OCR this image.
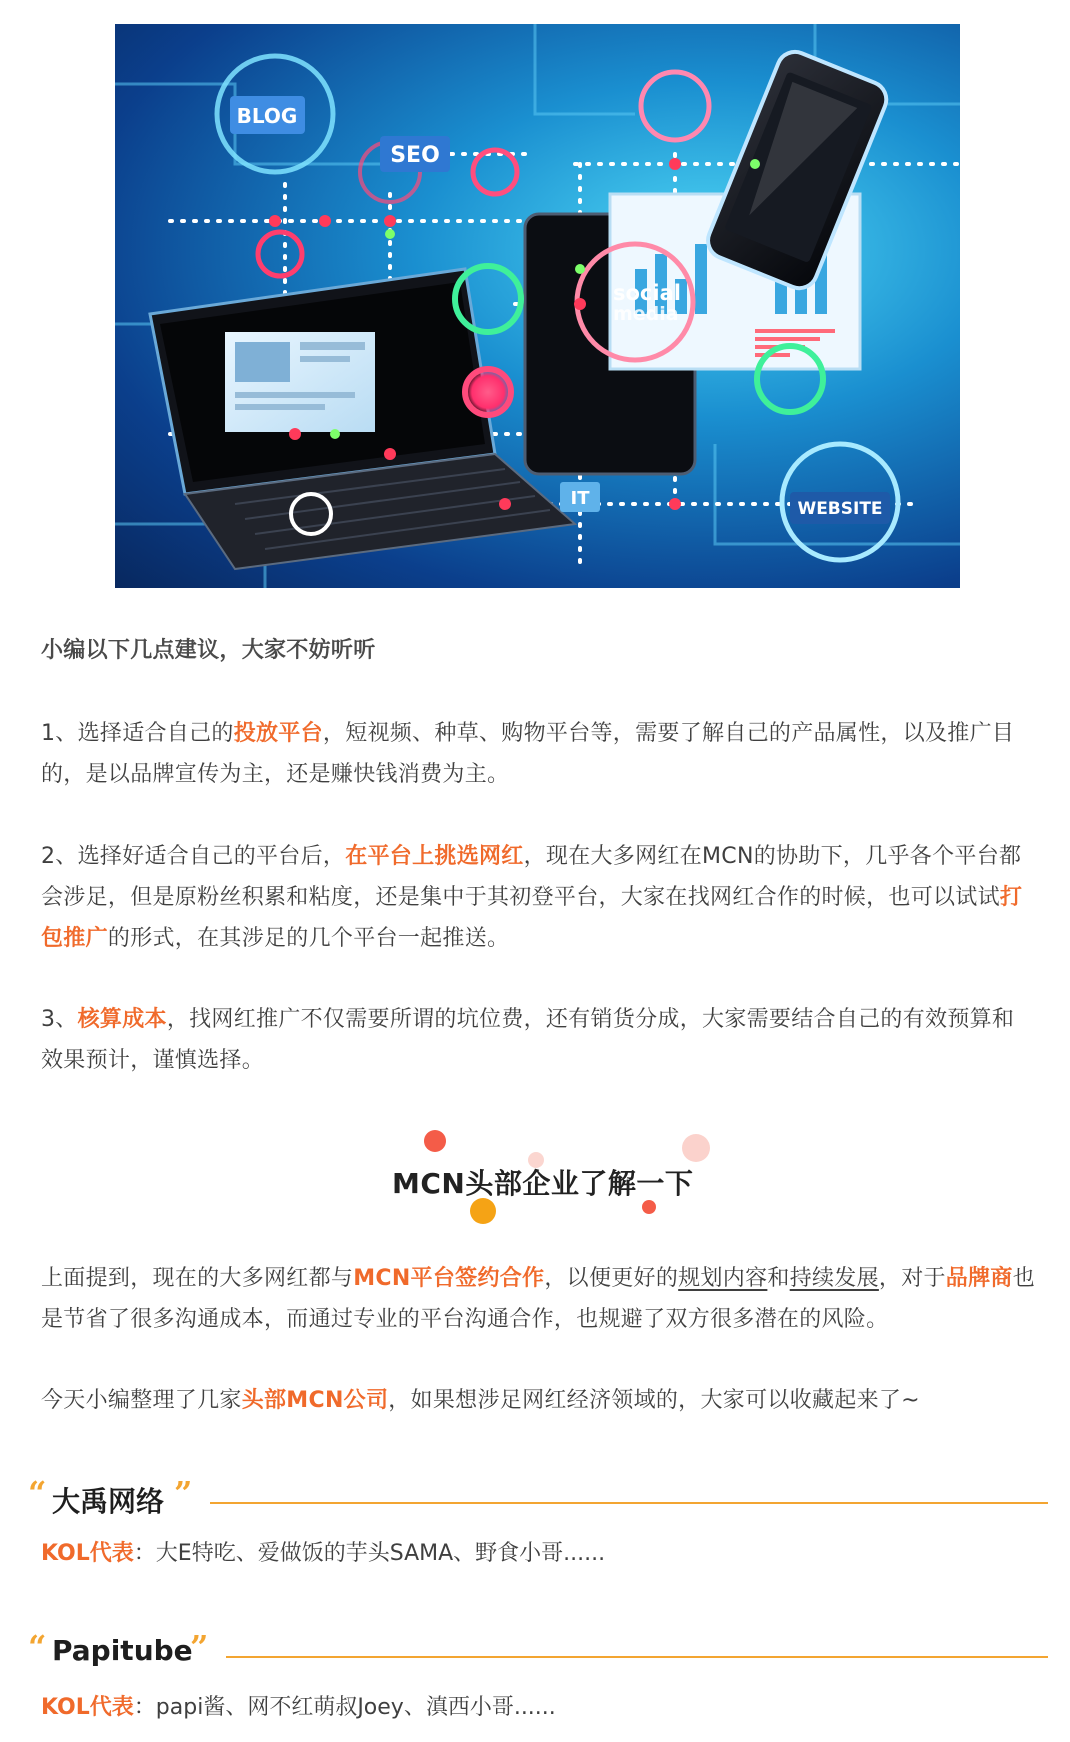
BLOG
SEO
social
media
IT	WEBSITE
小编以下几点建议，大家不妨听听
1、选择适合自己的投放平台，短视频、种草、购物平台等，需要了解自己的产品属性，以及推广目的，是以品牌宣传为主，还是赚快钱消费为主。
2、选择好适合自己的平台后，在平台上挑选网红，现在大多网红在MCN的协助下，几乎各个平台都会涉足，但是原粉丝积累和粘度，还是集中于其初登平台，大家在找网红合作的时候，也可以试试打包推广的形式，在其涉足的几个平台一起推送。
3、核算成本，找网红推广不仅需要所谓的坑位费，还有销货分成，大家需要结合自己的有效预算和效果预计，谨慎选择。
MCN头部企业了解一下
上面提到，现在的大多网红都与MCN平台签约合作，以便更好的规划内容和持续发展，对于品牌商也是节省了很多沟通成本，而通过专业的平台沟通合作，也规避了双方很多潜在的风险。
今天小编整理了几家头部MCN公司，如果想涉足网红经济领域的，大家可以收藏起来了~
“ 大禹网络 ”
KOL代表：大E特吃、爱做饭的芋头SAMA、野食小哥......
“ Papitube
”
KOL代表：papi酱、网不红萌叔Joey、滇西小哥......
